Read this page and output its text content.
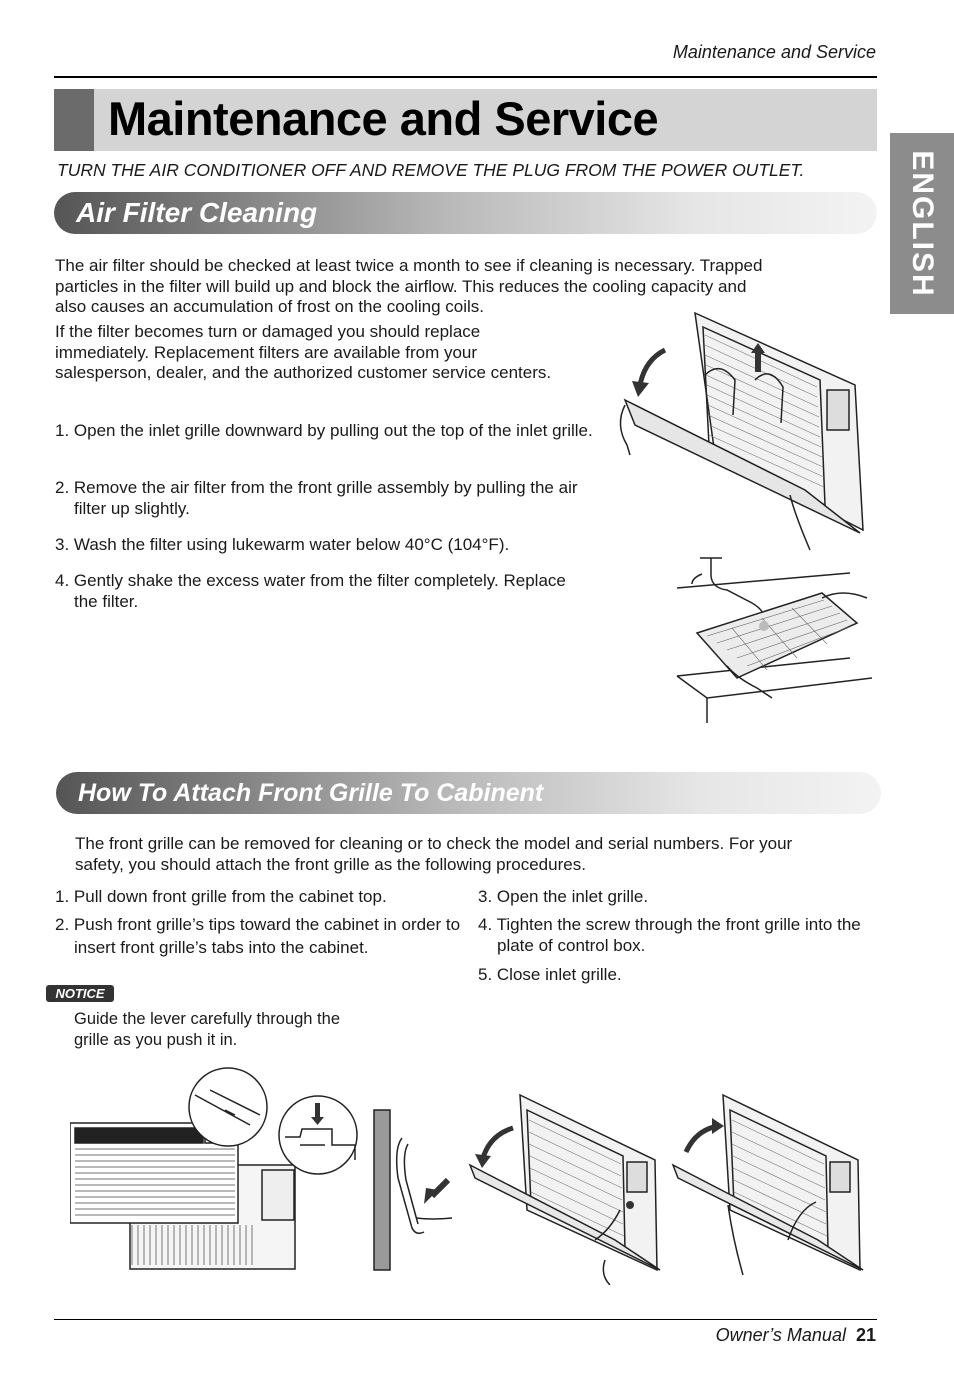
Maintenance and Service
Maintenance and Service
ENGLISH
TURN THE AIR CONDITIONER OFF AND REMOVE THE PLUG FROM THE POWER OUTLET.
Air Filter Cleaning
The air filter should be checked at least twice a month to see if cleaning is necessary. Trapped particles in the filter will build up and block the airflow. This reduces the cooling capacity and also causes an accumulation of frost on the cooling coils.
If the filter becomes turn or damaged you should replace immediately. Replacement filters are available from your salesperson, dealer, and the authorized customer service centers.
1. Open the inlet grille downward by pulling out the top of the inlet grille.
2. Remove the air filter from the front grille assembly by pulling the air filter up slightly.
3. Wash the filter using lukewarm water below 40°C (104°F).
4. Gently shake the excess water from the filter completely. Replace the filter.
How To Attach Front Grille To Cabinent
The front grille can be removed for cleaning or to check the model and serial numbers. For your safety, you should attach the front grille as the following procedures.
1. Pull down front grille from the cabinet top.
2. Push front grille’s tips toward the cabinet in order to insert front grille’s tabs into the cabinet.
3. Open the inlet grille.
4. Tighten the screw through the front grille into the plate of control box.
5. Close inlet grille.
NOTICE
Guide the lever carefully through the grille as you push it in.
Owner’s Manual 21
